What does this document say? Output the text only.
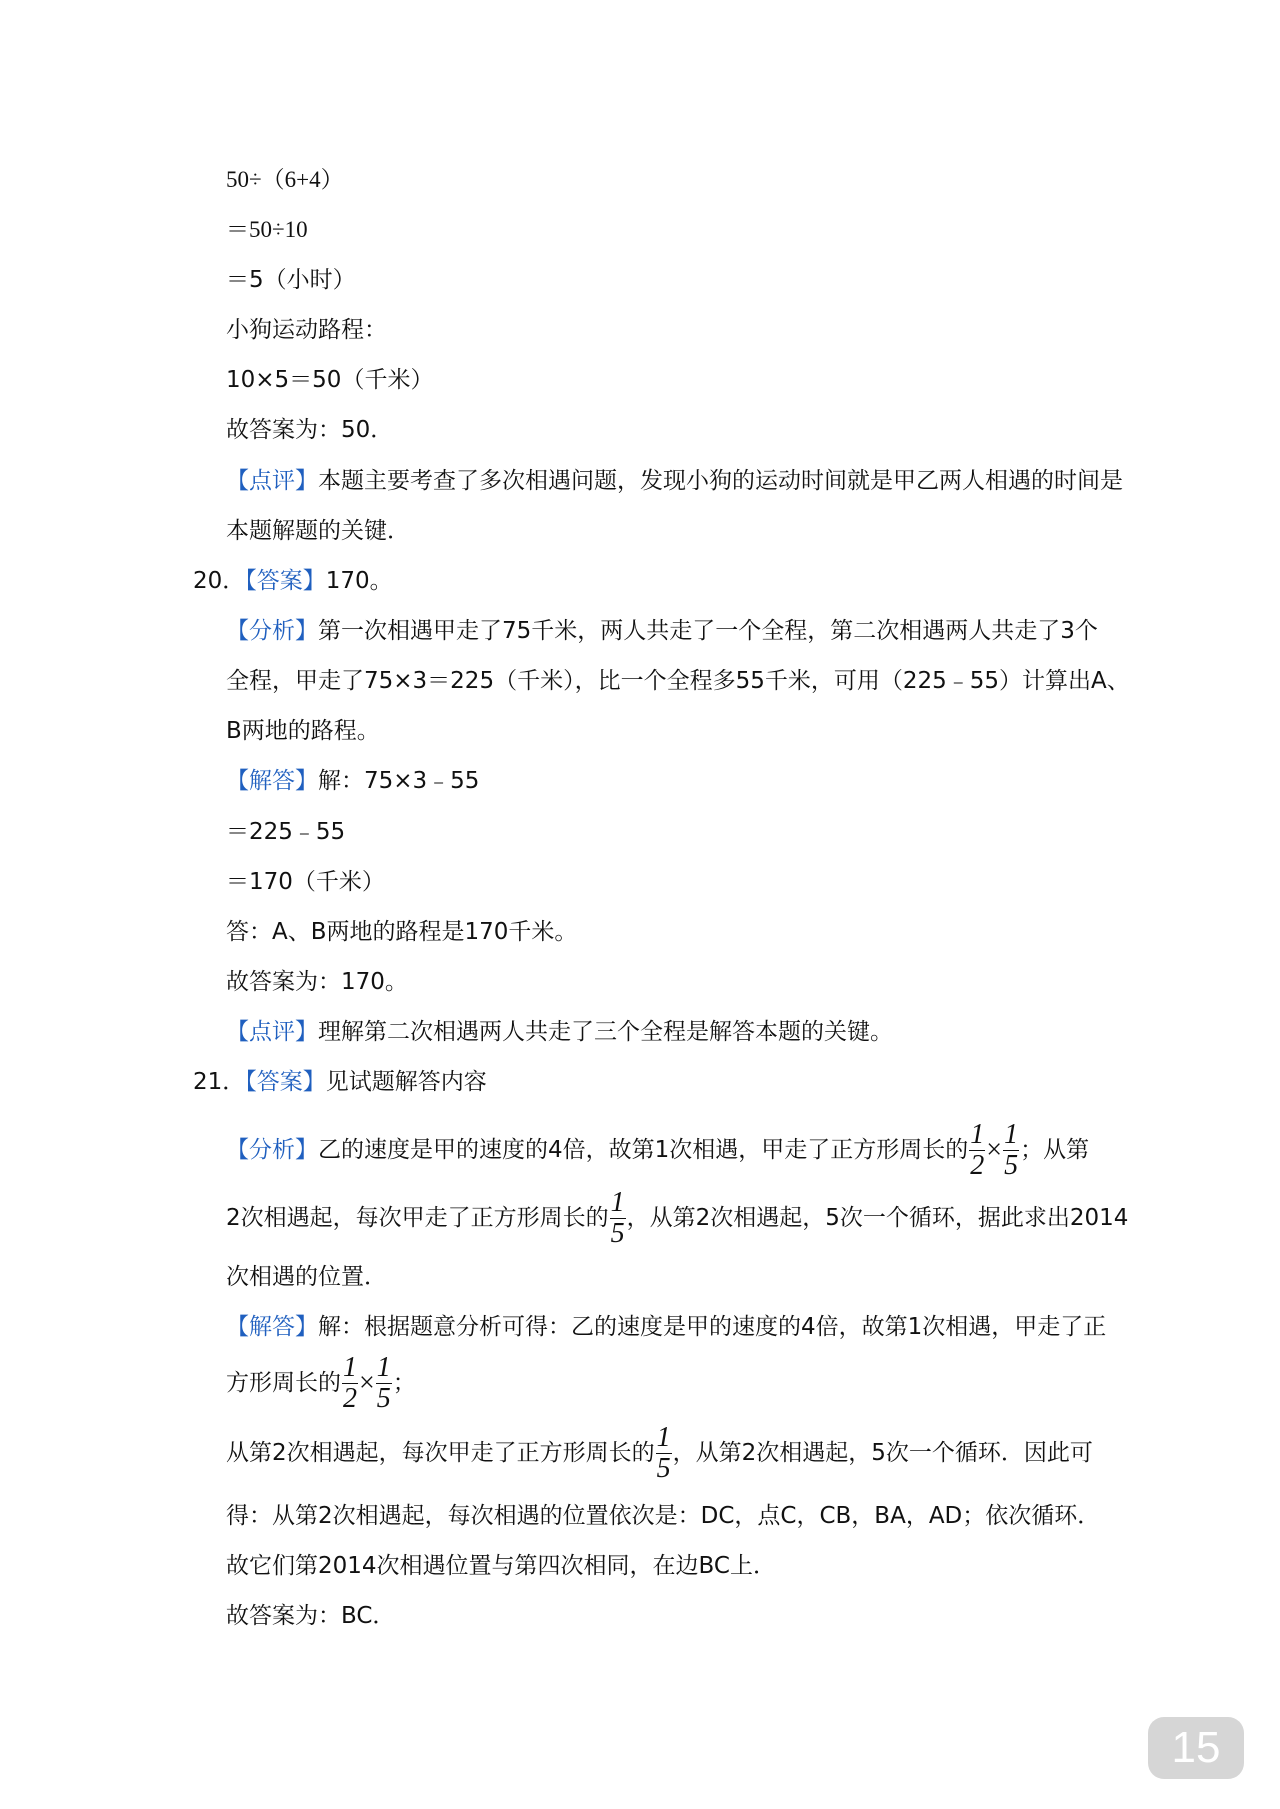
50÷（6+4）
＝50÷10
＝5（小时）
小狗运动路程：
10×5＝50（千米）
故答案为：50．
【点评】本题主要考查了多次相遇问题，发现小狗的运动时间就是甲乙两人相遇的时间是
本题解题的关键．
20．【答案】170。
【分析】第一次相遇甲走了75千米，两人共走了一个全程，第二次相遇两人共走了3个
全程，甲走了75×3＝225（千米），比一个全程多55千米，可用（225﹣55）计算出A、
B两地的路程。
【解答】解：75×3﹣55
＝225﹣55
＝170（千米）
答：A、B两地的路程是170千米。
故答案为：170。
【点评】理解第二次相遇两人共走了三个全程是解答本题的关键。
21．【答案】见试题解答内容
【分析】乙的速度是甲的速度的4倍，故第1次相遇，甲走了正方形周长的 $\frac{1}{2} \times \frac{1}{5}$ ；从第
2次相遇起，每次甲走了正方形周长的 $\frac{1}{5}$ ，从第2次相遇起，5次一个循环，据此求出2014
次相遇的位置．
【解答】解：根据题意分析可得：乙的速度是甲的速度的4倍，故第1次相遇，甲走了正
方形周长的 $\frac{1}{2} \times \frac{1}{5}$ ；
从第2次相遇起，每次甲走了正方形周长的 $\frac{1}{5}$ ，从第2次相遇起，5次一个循环．因此可
得：从第2次相遇起，每次相遇的位置依次是：DC，点C，CB，BA，AD；依次循环．
故它们第2014次相遇位置与第四次相同，在边BC上．
故答案为：BC．
15
